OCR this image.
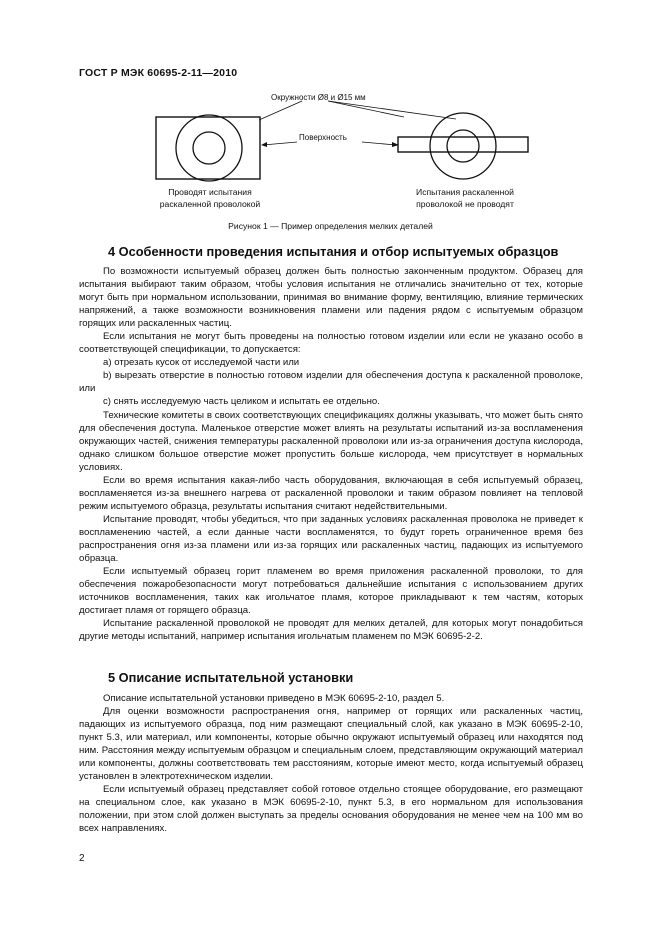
ГОСТ Р МЭК 60695-2-11—2010
Окружности Ø8 и Ø15 мм
Поверхность
Проводят испытания
раскаленной проволокой
Испытания раскаленной
проволокой не проводят
Рисунок 1 — Пример определения мелких деталей
4 Особенности проведения испытания и отбор испытуемых образцов

По возможности испытуемый образец должен быть полностью законченным продуктом. Образец для испытания выбирают таким образом, чтобы условия испытания не отличались значительно от тех, которые могут быть при нормальном использовании, принимая во внимание форму, вентиляцию, влияние термических напряжений, а также возможности возникновения пламени или падения рядом с испытуемым образцом горящих или раскаленных частиц.

Если испытания не могут быть проведены на полностью готовом изделии или если не указано особо в соответствующей спецификации, то допускается:

а) отрезать кусок от исследуемой части или

b) вырезать отверстие в полностью готовом изделии для обеспечения доступа к раскаленной проволоке, или

с) снять исследуемую часть целиком и испытать ее отдельно.

Технические комитеты в своих соответствующих спецификациях должны указывать, что может быть снято для обеспечения доступа. Маленькое отверстие может влиять на результаты испытаний из-за воспламенения окружающих частей, снижения температуры раскаленной проволоки или из-за ограничения доступа кислорода, однако слишком большое отверстие может пропустить больше кислорода, чем присутствует в нормальных условиях.

Если во время испытания какая-либо часть оборудования, включающая в себя испытуемый образец, воспламеняется из-за внешнего нагрева от раскаленной проволоки и таким образом повлияет на тепловой режим испытуемого образца, результаты испытания считают недействительными.

Испытание проводят, чтобы убедиться, что при заданных условиях раскаленная проволока не приведет к воспламенению частей, а если данные части воспламенятся, то будут гореть ограниченное время без распространения огня из-за пламени или из-за горящих или раскаленных частиц, падающих из испытуемого образца.

Если испытуемый образец горит пламенем во время приложения раскаленной проволоки, то для обеспечения пожаробезопасности могут потребоваться дальнейшие испытания с использованием других источников воспламенения, таких как игольчатое пламя, которое прикладывают к тем частям, которых достигает пламя от горящего образца.

Испытание раскаленной проволокой не проводят для мелких деталей, для которых могут понадобиться другие методы испытаний, например испытания игольчатым пламенем по МЭК 60695-2-2.

5 Описание испытательной установки

Описание испытательной установки приведено в МЭК 60695-2-10, раздел 5.

Для оценки возможности распространения огня, например от горящих или раскаленных частиц, падающих из испытуемого образца, под ним размещают специальный слой, как указано в МЭК 60695-2-10, пункт 5.3, или материал, или компоненты, которые обычно окружают испытуемый образец или находятся под ним. Расстояния между испытуемым образцом и специальным слоем, представляющим окружающий материал или компоненты, должны соответствовать тем расстояниям, которые имеют место, когда испытуемый образец установлен в электротехническом изделии.

Если испытуемый образец представляет собой готовое отдельно стоящее оборудование, его размещают на специальном слое, как указано в МЭК 60695-2-10, пункт 5.3, в его нормальном для использования положении, при этом слой должен выступать за пределы основания оборудования не менее чем на 100 мм во всех направлениях.

2
